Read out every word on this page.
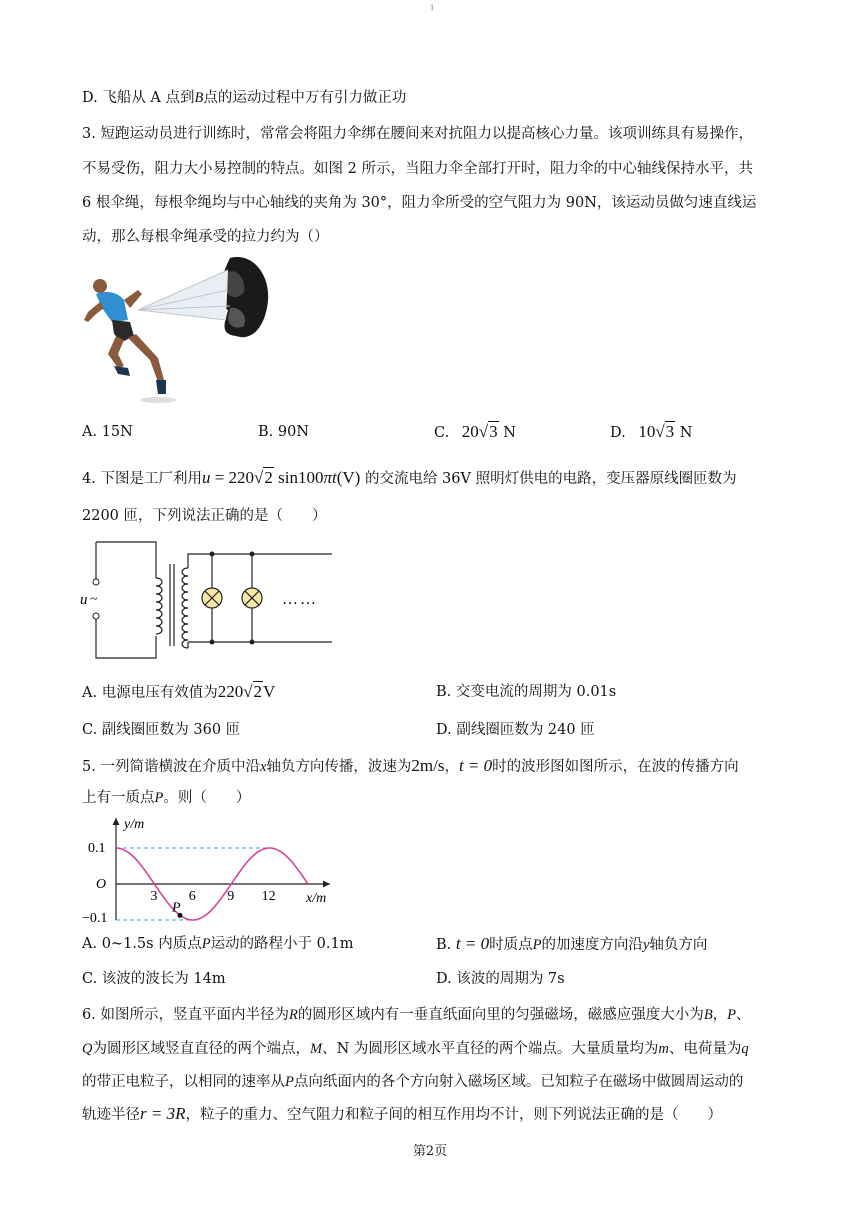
1
D. 飞船从 A 点到B点的运动过程中万有引力做正功
3. 短跑运动员进行训练时，常常会将阻力伞绑在腰间来对抗阻力以提高核心力量。该项训练具有易操作，
不易受伤，阻力大小易控制的特点。如图 2 所示，当阻力伞全部打开时，阻力伞的中心轴线保持水平，共
6 根伞绳，每根伞绳均与中心轴线的夹角为 30°，阻力伞所受的空气阻力为 90N，该运动员做匀速直线运
动，那么每根伞绳承受的拉力约为（）
A. 15N	B. 90N	C. 20√3 N	D. 10√3 N
4. 下图是工厂利用u = 220√2 sin100πt(V) 的交流电给 36V 照明灯供电的电路，变压器原线圈匝数为
2200 匝，下列说法正确的是（　　）
u ~	……
A. 电源电压有效值为220√2V	B. 交变电流的周期为 0.01s
C. 副线圈匝数为 360 匝	D. 副线圈匝数为 240 匝
5. 一列简谐横波在介质中沿x轴负方向传播，波速为2m/s，t = 0时的波形图如图所示，在波的传播方向
上有一质点P。则（　　）
y/m
x/m
O
0.1
−0.1
3 6 9 12
P
A. 0~1.5s 内质点P运动的路程小于 0.1m	B. t = 0时质点P的加速度方向沿y轴负方向
C. 该波的波长为 14m	D. 该波的周期为 7s
6. 如图所示，竖直平面内半径为R的圆形区域内有一垂直纸面向里的匀强磁场，磁感应强度大小为B，P、
Q为圆形区域竖直直径的两个端点，M、N 为圆形区域水平直径的两个端点。大量质量均为m、电荷量为q
的带正电粒子，以相同的速率从P点向纸面内的各个方向射入磁场区域。已知粒子在磁场中做圆周运动的
轨迹半径r = 3R，粒子的重力、空气阻力和粒子间的相互作用均不计，则下列说法正确的是（　　）
第2页
